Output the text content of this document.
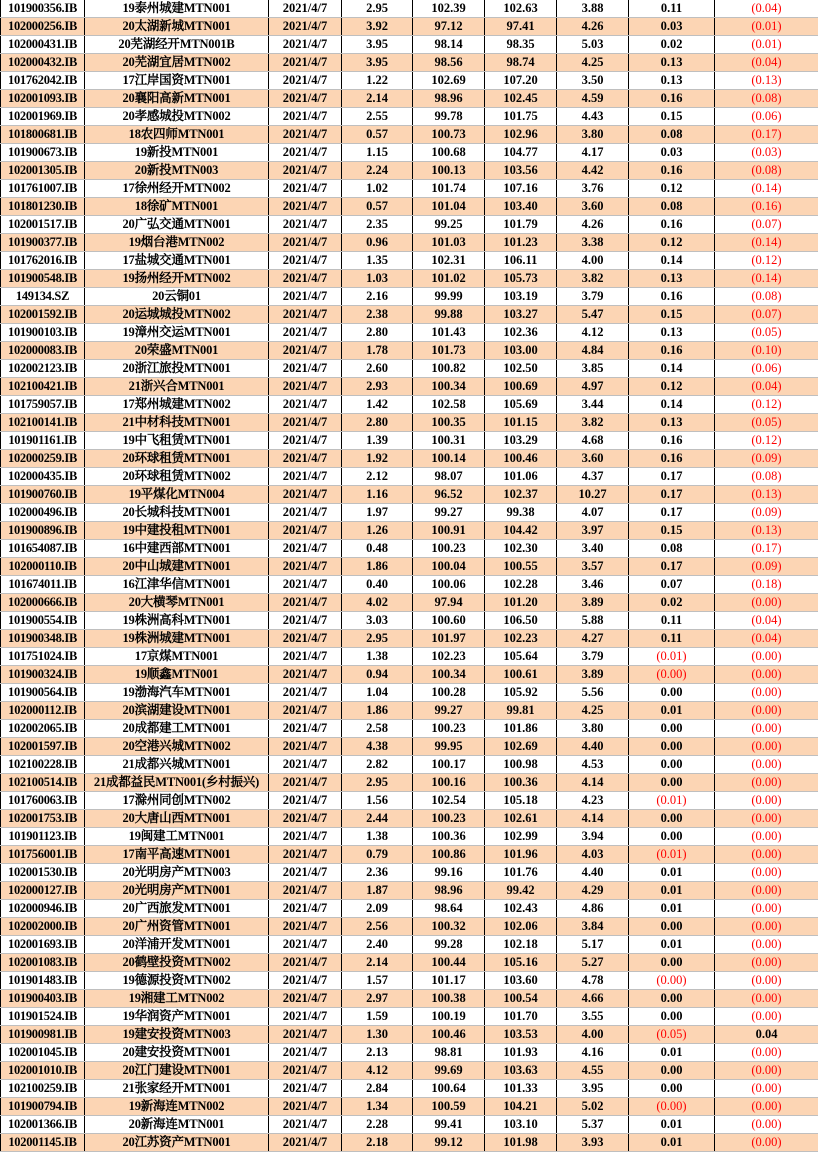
101900356.IB	19泰州城建MTN001	2021/4/7	2.95	102.39	102.63	3.88	0.11	(0.04)
102000256.IB	20太湖新城MTN001	2021/4/7	3.92	97.12	97.41	4.26	0.03	(0.01)
102000431.IB	20芜湖经开MTN001B	2021/4/7	3.95	98.14	98.35	5.03	0.02	(0.01)
102000432.IB	20芜湖宜居MTN002	2021/4/7	3.95	98.56	98.74	4.25	0.13	(0.04)
101762042.IB	17江岸国资MTN001	2021/4/7	1.22	102.69	107.20	3.50	0.13	(0.13)
102001093.IB	20襄阳高新MTN001	2021/4/7	2.14	98.96	102.45	4.59	0.16	(0.08)
102001969.IB	20孝感城投MTN002	2021/4/7	2.55	99.78	101.75	4.43	0.15	(0.06)
101800681.IB	18农四师MTN001	2021/4/7	0.57	100.73	102.96	3.80	0.08	(0.17)
101900673.IB	19新投MTN001	2021/4/7	1.15	100.68	104.77	4.17	0.03	(0.03)
102001305.IB	20新投MTN003	2021/4/7	2.24	100.13	103.56	4.42	0.16	(0.08)
101761007.IB	17徐州经开MTN002	2021/4/7	1.02	101.74	107.16	3.76	0.12	(0.14)
101801230.IB	18徐矿MTN001	2021/4/7	0.57	101.04	103.40	3.60	0.08	(0.16)
102001517.IB	20广弘交通MTN001	2021/4/7	2.35	99.25	101.79	4.26	0.16	(0.07)
101900377.IB	19烟台港MTN002	2021/4/7	0.96	101.03	101.23	3.38	0.12	(0.14)
101762016.IB	17盐城交通MTN001	2021/4/7	1.35	102.31	106.11	4.00	0.14	(0.12)
101900548.IB	19扬州经开MTN002	2021/4/7	1.03	101.02	105.73	3.82	0.13	(0.14)
149134.SZ	20云铜01	2021/4/7	2.16	99.99	103.19	3.79	0.16	(0.08)
102001592.IB	20运城城投MTN002	2021/4/7	2.38	99.88	103.27	5.47	0.15	(0.07)
101900103.IB	19漳州交运MTN001	2021/4/7	2.80	101.43	102.36	4.12	0.13	(0.05)
102000083.IB	20荣盛MTN001	2021/4/7	1.78	101.73	103.00	4.84	0.16	(0.10)
102002123.IB	20浙江旅投MTN001	2021/4/7	2.60	100.82	102.50	3.85	0.14	(0.06)
102100421.IB	21浙兴合MTN001	2021/4/7	2.93	100.34	100.69	4.97	0.12	(0.04)
101759057.IB	17郑州城建MTN002	2021/4/7	1.42	102.58	105.69	3.44	0.14	(0.12)
102100141.IB	21中材科技MTN001	2021/4/7	2.80	100.35	101.15	3.82	0.13	(0.05)
101901161.IB	19中飞租赁MTN001	2021/4/7	1.39	100.31	103.29	4.68	0.16	(0.12)
102000259.IB	20环球租赁MTN001	2021/4/7	1.92	100.14	100.46	3.60	0.16	(0.09)
102000435.IB	20环球租赁MTN002	2021/4/7	2.12	98.07	101.06	4.37	0.17	(0.08)
101900760.IB	19平煤化MTN004	2021/4/7	1.16	96.52	102.37	10.27	0.17	(0.13)
102000496.IB	20长城科技MTN001	2021/4/7	1.97	99.27	99.38	4.07	0.17	(0.09)
101900896.IB	19中建投租MTN001	2021/4/7	1.26	100.91	104.42	3.97	0.15	(0.13)
101654087.IB	16中建西部MTN001	2021/4/7	0.48	100.23	102.30	3.40	0.08	(0.17)
102000110.IB	20中山城建MTN001	2021/4/7	1.86	100.04	100.55	3.57	0.17	(0.09)
101674011.IB	16江津华信MTN001	2021/4/7	0.40	100.06	102.28	3.46	0.07	(0.18)
102000666.IB	20大横琴MTN001	2021/4/7	4.02	97.94	101.20	3.89	0.02	(0.00)
101900554.IB	19株洲高科MTN001	2021/4/7	3.03	100.60	106.50	5.88	0.11	(0.04)
101900348.IB	19株洲城建MTN001	2021/4/7	2.95	101.97	102.23	4.27	0.11	(0.04)
101751024.IB	17京煤MTN001	2021/4/7	1.38	102.23	105.64	3.79	(0.01)	(0.00)
101900324.IB	19顺鑫MTN001	2021/4/7	0.94	100.34	100.61	3.89	(0.00)	(0.00)
101900564.IB	19渤海汽车MTN001	2021/4/7	1.04	100.28	105.92	5.56	0.00	(0.00)
102000112.IB	20滨湖建设MTN001	2021/4/7	1.86	99.27	99.81	4.25	0.01	(0.00)
102002065.IB	20成都建工MTN001	2021/4/7	2.58	100.23	101.86	3.80	0.00	(0.00)
102001597.IB	20空港兴城MTN002	2021/4/7	4.38	99.95	102.69	4.40	0.00	(0.00)
102100228.IB	21成都兴城MTN001	2021/4/7	2.82	100.17	100.98	4.53	0.00	(0.00)
102100514.IB	21成都益民MTN001(乡村振兴)	2021/4/7	2.95	100.16	100.36	4.14	0.00	(0.00)
101760063.IB	17滁州同创MTN002	2021/4/7	1.56	102.54	105.18	4.23	(0.01)	(0.00)
102001753.IB	20大唐山西MTN001	2021/4/7	2.44	100.23	102.61	4.14	0.00	(0.00)
101901123.IB	19闽建工MTN001	2021/4/7	1.38	100.36	102.99	3.94	0.00	(0.00)
101756001.IB	17南平高速MTN001	2021/4/7	0.79	100.86	101.96	4.03	(0.01)	(0.00)
102001530.IB	20光明房产MTN003	2021/4/7	2.36	99.16	101.76	4.40	0.01	(0.00)
102000127.IB	20光明房产MTN001	2021/4/7	1.87	98.96	99.42	4.29	0.01	(0.00)
102000946.IB	20广西旅发MTN001	2021/4/7	2.09	98.64	102.43	4.86	0.01	(0.00)
102002000.IB	20广州资管MTN001	2021/4/7	2.56	100.32	102.06	3.84	0.00	(0.00)
102001693.IB	20洋浦开发MTN001	2021/4/7	2.40	99.28	102.18	5.17	0.01	(0.00)
102001083.IB	20鹤壁投资MTN002	2021/4/7	2.14	100.44	105.16	5.27	0.00	(0.00)
101901483.IB	19德源投资MTN002	2021/4/7	1.57	101.17	103.60	4.78	(0.00)	(0.00)
101900403.IB	19湘建工MTN002	2021/4/7	2.97	100.38	100.54	4.66	0.00	(0.00)
101901524.IB	19华润资产MTN001	2021/4/7	1.59	100.19	101.70	3.55	0.00	(0.00)
101900981.IB	19建安投资MTN003	2021/4/7	1.30	100.46	103.53	4.00	(0.05)	0.04
102001045.IB	20建安投资MTN001	2021/4/7	2.13	98.81	101.93	4.16	0.01	(0.00)
102001010.IB	20江门建设MTN001	2021/4/7	4.12	99.69	103.63	4.55	0.00	(0.00)
102100259.IB	21张家经开MTN001	2021/4/7	2.84	100.64	101.33	3.95	0.00	(0.00)
101900794.IB	19新海连MTN002	2021/4/7	1.34	100.59	104.21	5.02	(0.00)	(0.00)
102001366.IB	20新海连MTN001	2021/4/7	2.28	99.41	103.10	5.37	0.01	(0.00)
102001145.IB	20江苏资产MTN001	2021/4/7	2.18	99.12	101.98	3.93	0.01	(0.00)
